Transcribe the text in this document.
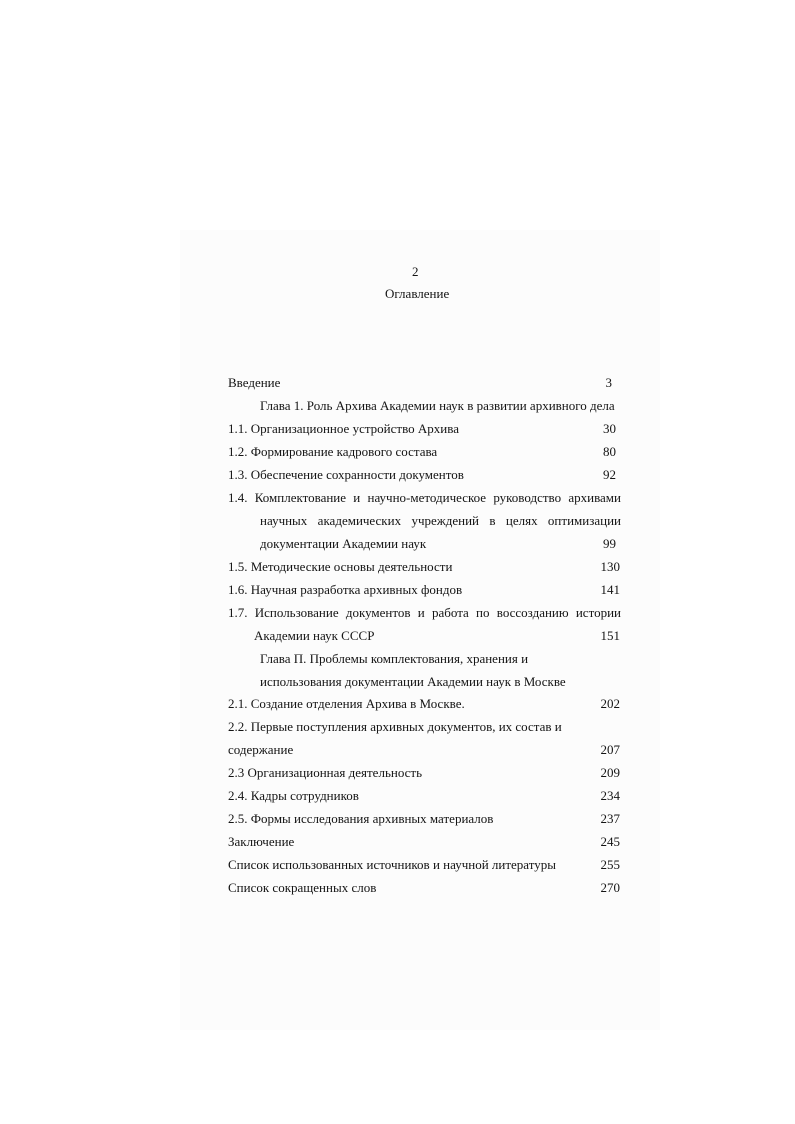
2
Оглавление
Введение	3
Глава 1. Роль Архива Академии наук в развитии архивного дела
1.1. Организационное устройство Архива	30
1.2. Формирование кадрового состава	80
1.3. Обеспечение сохранности документов	92
1.4. Комплектование и научно-методическое руководство архивами
научных академических учреждений в целях оптимизации
документации Академии наук	99
1.5. Методические основы деятельности	130
1.6. Научная разработка архивных фондов	141
1.7. Использование документов и работа по воссозданию истории
Академии наук СССР	151
Глава П. Проблемы комплектования, хранения и
использования документации Академии наук в Москве
2.1. Создание отделения Архива в Москве.	202
2.2. Первые поступления архивных документов, их состав и
содержание	207
2.3 Организационная деятельность	209
2.4. Кадры сотрудников	234
2.5. Формы исследования архивных материалов	237
Заключение	245
Список использованных источников и научной литературы	255
Список сокращенных слов	270
